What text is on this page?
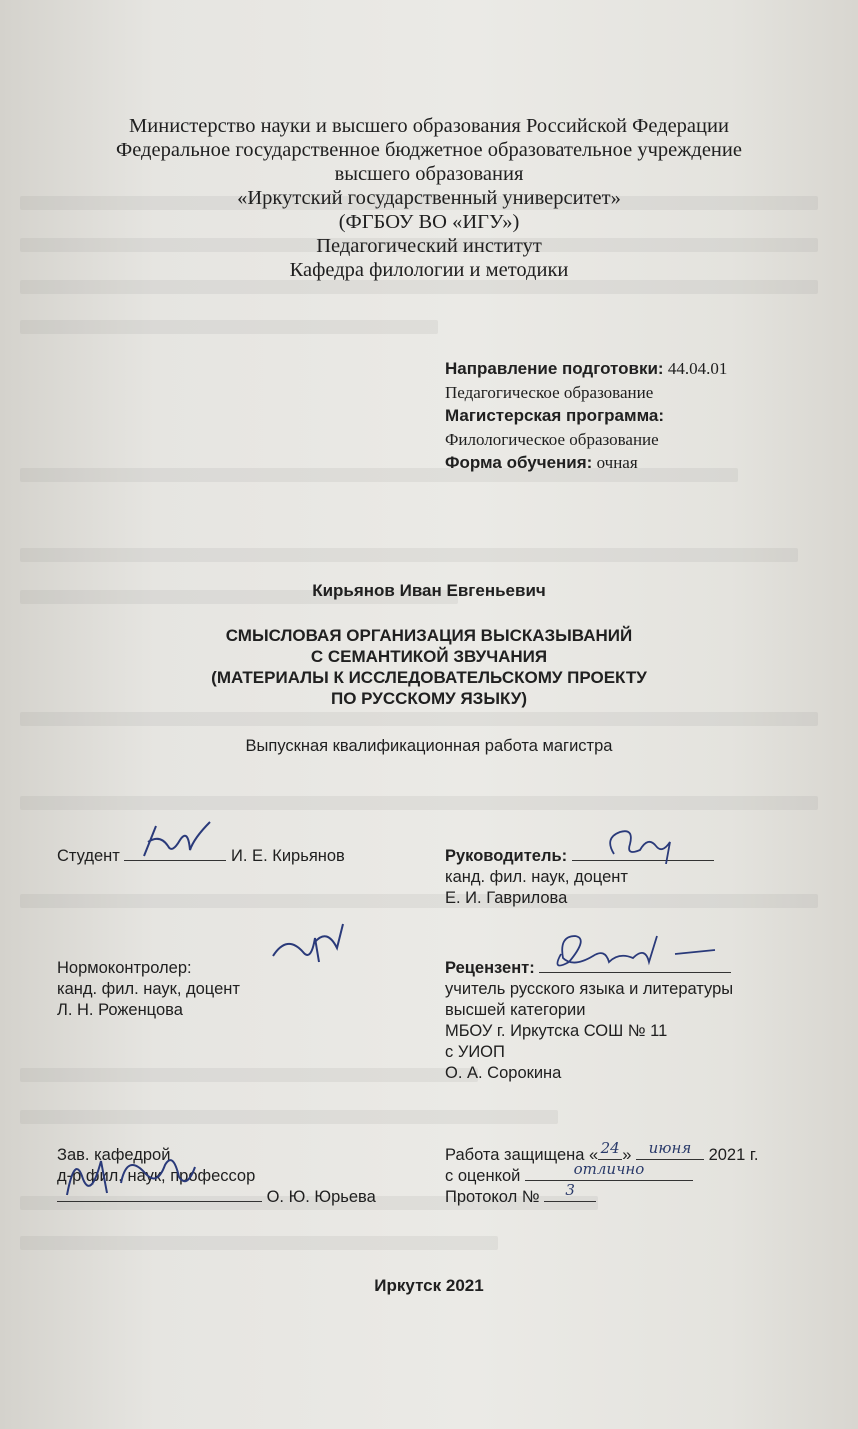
Министерство науки и высшего образования Российской Федерации
Федеральное государственное бюджетное образовательное учреждение
высшего образования
«Иркутский государственный университет»
(ФГБОУ ВО «ИГУ»)
Педагогический институт
Кафедра филологии и методики
Направление подготовки: 44.04.01
Педагогическое образование
Магистерская программа:
Филологическое образование
Форма обучения: очная
Кирьянов Иван Евгеньевич
СМЫСЛОВАЯ ОРГАНИЗАЦИЯ ВЫСКАЗЫВАНИЙ
С СЕМАНТИКОЙ ЗВУЧАНИЯ
(МАТЕРИАЛЫ К ИССЛЕДОВАТЕЛЬСКОМУ ПРОЕКТУ
ПО РУССКОМУ ЯЗЫКУ)
Выпускная квалификационная работа магистра
Студент	И. Е. Кирьянов	Руководитель:
канд. фил. наук, доцент
Е. И. Гаврилова
Нормоконтролер:
канд. фил. наук, доцент
Л. Н. Роженцова
Рецензент:
учитель русского языка и литературы
высшей категории
МБОУ г. Иркутска СОШ № 11
с УИОП
О. А. Сорокина
Зав. кафедрой
д-р фил. наук, профессор
О. Ю. Юрьева
Работа защищена « 24 »	июня	2021 г.
с оценкой	отлично
Протокол №	3
Иркутск 2021
